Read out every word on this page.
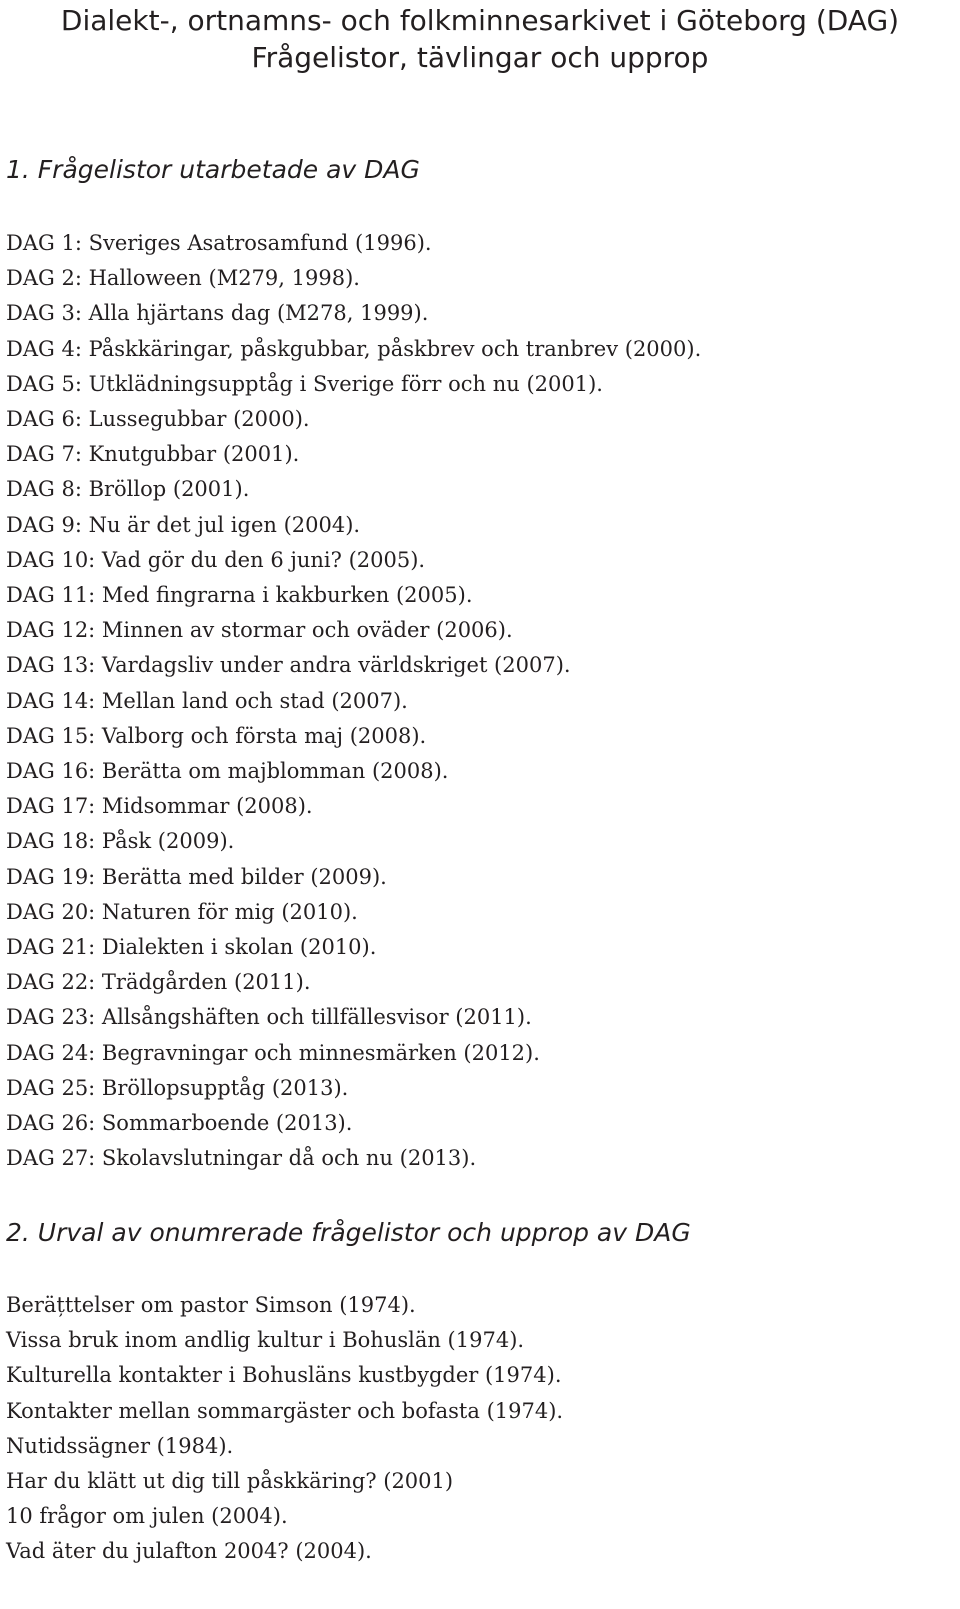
Dialekt-, ortnamns- och folkminnesarkivet i Göteborg (DAG)
Frågelistor, tävlingar och upprop
1. Frågelistor utarbetade av DAG
DAG 1: Sveriges Asatrosamfund (1996).
DAG 2: Halloween (M279, 1998).
DAG 3: Alla hjärtans dag (M278, 1999).
DAG 4: Påskkäringar, påskgubbar, påskbrev och tranbrev (2000).
DAG 5: Utklädningsupptåg i Sverige förr och nu (2001).
DAG 6: Lussegubbar (2000).
DAG 7: Knutgubbar (2001).
DAG 8: Bröllop (2001).
DAG 9: Nu är det jul igen (2004).
DAG 10: Vad gör du den 6 juni? (2005).
DAG 11: Med fingrarna i kakburken (2005).
DAG 12: Minnen av stormar och oväder (2006).
DAG 13: Vardagsliv under andra världskriget (2007).
DAG 14: Mellan land och stad (2007).
DAG 15: Valborg och första maj (2008).
DAG 16: Berätta om majblomman (2008).
DAG 17: Midsommar (2008).
DAG 18: Påsk (2009).
DAG 19: Berätta med bilder (2009).
DAG 20: Naturen för mig (2010).
DAG 21: Dialekten i skolan (2010).
DAG 22: Trädgården (2011).
DAG 23: Allsångshäften och tillfällesvisor (2011).
DAG 24: Begravningar och minnesmärken (2012).
DAG 25: Bröllopsupptåg (2013).
DAG 26: Sommarboende (2013).
DAG 27: Skolavslutningar då och nu (2013).
2. Urval av onumrerade frågelistor och upprop av DAG
Beräțttelser om pastor Simson (1974).
Vissa bruk inom andlig kultur i Bohuslän (1974).
Kulturella kontakter i Bohusläns kustbygder (1974).
Kontakter mellan sommargäster och bofasta (1974).
Nutidssägner (1984).
Har du klätt ut dig till påskkäring? (2001)
10 frågor om julen (2004).
Vad äter du julafton 2004? (2004).
